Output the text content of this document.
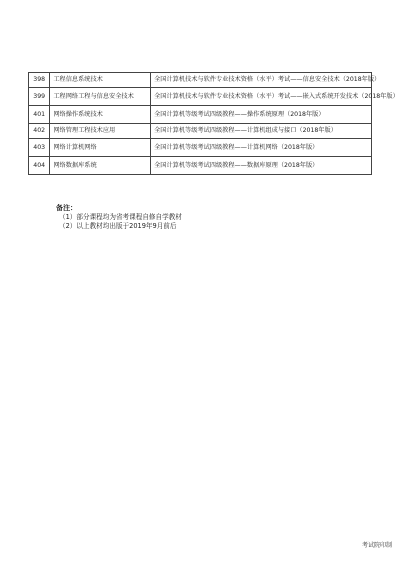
398	工程信息系统技术	全国计算机技术与软件专业技术资格（水平）考试——信息安全技术（2018年版）
399	工程网络工程与信息安全技术	全国计算机技术与软件专业技术资格（水平）考试——嵌入式系统开发技术（2018年版）
401	网络操作系统技术	全国计算机等级考试四级教程——操作系统原理（2018年版）
402	网络管理工程技术应用	全国计算机等级考试四级教程——计算机组成与接口（2018年版）
403	网络计算机网络	全国计算机等级考试四级教程——计算机网络（2018年版）
404	网络数据库系统	全国计算机等级考试四级教程——数据库原理（2018年版）
备注：
（1）部分课程均为省考课程自修自学教材
（2）以上教材均出版于2019年9月前后
考试院印制
